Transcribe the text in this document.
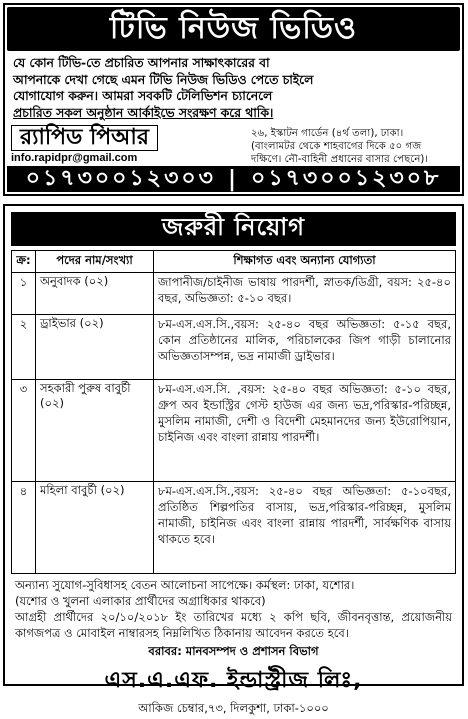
টিভি নিউজ ভিডিও
যে কোন টিভি-তে প্রচারিত আপনার সাক্ষাৎকারের বা
আপনাকে দেখা গেছে এমন টিভি নিউজ ভিডিও পেতে চাইলে
যোগাযোগ করুন। আমরা সবকটি টেলিভিশন চ্যানেলে
প্রচারিত সকল অনুষ্ঠান আর্কাইভে সংরক্ষণ করে থাকি।
র‌্যাপিড পিআর
info.rapidpr@gmail.com
২৬, ইস্কাটন গার্ডেন (৪র্থ তলা), ঢাকা।
(বাংলামটর থেকে শাহবাগের দিকে ৫০ গজ
দক্ষিণে। নৌ-বাহিনী প্রধানের বাসার পেছনে)।
০১৭৩০০১২৩০৩ | ০১৭৩০০১২৩০৮
জরুরী নিয়োগ
ক্র:	পদের নাম/সংখ্যা	শিক্ষাগত এবং অন্যান্য যোগ্যতা
১	অনুবাদক (০২)	জাপানীজ/চাইনীজ ভাষায় পারদর্শী, স্নাতক/ডিগ্রী, বয়স: ২৫-৪০ বছর, অভিজ্ঞতা: ৫-১০ বছর।
২	ড্রাইভার (০২)	৮ম-এস.এস.সি.,বয়স: ২৫-৪০ বছর অভিজ্ঞতা: ৫-১৫ বছর, কোন প্রতিষ্ঠানের মালিক, পরিচালকের জিপ গাড়ী চালানোর অভিজ্ঞতাসম্পন্ন, ভদ্র নামাজী ড্রাইভার।
৩	সহকারী পুরুষ বাবুর্চী (০২)	৮ম-এস.এস.সি. ,বয়স: ২৫-৪০ বছর অভিজ্ঞতা: ৫-১০ বছর, গ্রুপ অব ইন্ডাস্ট্রির গেস্ট হাউজ এর জন্য ভদ্র,পরিস্কার-পরিচ্ছন্ন, মুসলিম নামাজী, দেশী ও বিদেশী মেহমানদের জন্য ইউরোপিয়ান, চাইনিজ এবং বাংলা রান্নায় পারদর্শী।
৪	মহিলা বাবুর্চী (০২)	৮ম-এস.এস.সি.,বয়স: ২৫-৪০ বছর অভিজ্ঞতা: ৫-১০বছর, প্রতিষ্ঠিত শিল্পপতির বাসায়, ভদ্র,পরিস্কার-পরিচ্ছন্ন, মুসলিম নামাজী, চাইনিজ এবং বাংলা রান্নায় পারদর্শী, সার্বক্ষণিক বাসায় থাকতে হবে।
অন্যান্য সুযোগ-সুবিধাসহ বেতন আলোচনা সাপেক্ষে। কর্মস্থল: ঢাকা, যশোর।
(যশোর ও খুলনা এলাকার প্রার্থীদের অগ্রাধিকার থাকবে)
আগ্রহী প্রার্থীদের ২০/১০/২০১৮ ইং তারিখের মধ্যে ২ কপি ছবি, জীবনবৃত্তান্ত, প্রয়োজনীয় কাগজপত্র ও মোবাইল নাম্বারসহ নিম্নলিখিত ঠিকানায় আবেদন করতে হবে।
বরাবর: মানবসম্পদ ও প্রশাসন বিভাগ
এস.এ.এফ. ইন্ডাস্ট্রীজ লিঃ,
আকিজ চেম্বার,৭৩, দিলকুশা, ঢাকা-১০০০
